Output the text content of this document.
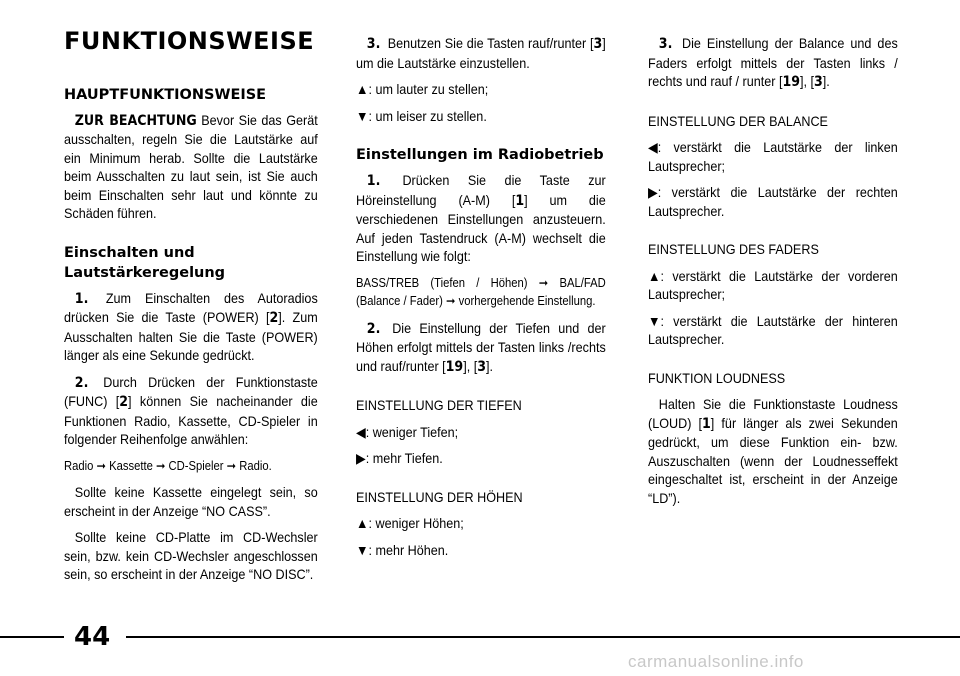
FUNKTIONSWEISE
HAUPTFUNKTIONSWEISE

ZUR BEACHTUNG Bevor Sie das Gerät ausschalten, regeln Sie die Lautstärke auf ein Minimum herab. Sollte die Lautstärke beim Ausschalten zu laut sein, ist Sie auch beim Einschalten sehr laut und könnte zu Schäden führen.

Einschalten und Lautstärkeregelung

1. Zum Einschalten des Autoradios drücken Sie die Taste (POWER) [2]. Zum Ausschalten halten Sie die Taste (POWER) länger als eine Sekunde gedrückt.

2. Durch Drücken der Funktionstaste (FUNC) [2] können Sie nacheinander die Funktionen Radio, Kassette, CD-Spieler in folgender Reihenfolge anwählen:

Radio ➞ Kassette ➞ CD-Spieler ➞ Radio.

Sollte keine Kassette eingelegt sein, so erscheint in der Anzeige “NO CASS”.

Sollte keine CD-Platte im CD-Wechsler sein, bzw. kein CD-Wechsler angeschlossen sein, so erscheint in der Anzeige “NO DISC”.

3. Benutzen Sie die Tasten rauf/runter [3] um die Lautstärke einzustellen.

▲: um lauter zu stellen;

▼: um leiser zu stellen.

Einstellungen im Radiobetrieb

1. Drücken Sie die Taste zur Höreinstellung (A-M) [1] um die verschiedenen Einstellungen anzusteuern. Auf jeden Tastendruck (A-M) wechselt die Einstellung wie folgt:

BASS/TREB (Tiefen / Höhen) ➞ BAL/FAD (Balance / Fader) ➞ vorhergehende Einstellung.

2. Die Einstellung der Tiefen und der Höhen erfolgt mittels der Tasten links /rechts und rauf/runter [19], [3].

EINSTELLUNG DER TIEFEN

◀: weniger Tiefen;

▶: mehr Tiefen.

EINSTELLUNG DER HÖHEN

▲: weniger Höhen;

▼: mehr Höhen.

3. Die Einstellung der Balance und des Faders erfolgt mittels der Tasten links / rechts und rauf / runter [19], [3].

EINSTELLUNG DER BALANCE

◀: verstärkt die Lautstärke der linken Lautsprecher;

▶: verstärkt die Lautstärke der rechten Lautsprecher.

EINSTELLUNG DES FADERS

▲: verstärkt die Lautstärke der vorderen Lautsprecher;

▼: verstärkt die Lautstärke der hinteren Lautsprecher.

FUNKTION LOUDNESS

Halten Sie die Funktionstaste Loudness (LOUD) [1] für länger als zwei Sekunden gedrückt, um diese Funktion ein- bzw. Auszuschalten (wenn der Loudnesseffekt eingeschaltet ist, erscheint in der Anzeige “LD”).

44
carmanualsonline.info
